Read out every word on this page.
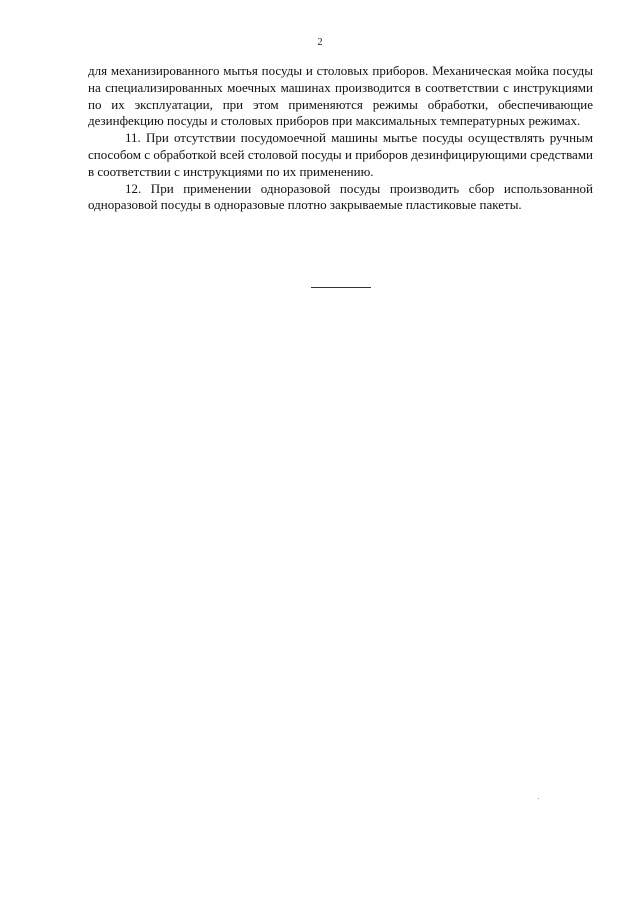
2

для механизированного мытья посуды и столовых приборов. Механическая мойка посуды на специализированных моечных машинах производится в соответствии с инструкциями по их эксплуатации, при этом применяются режимы обработки, обеспечивающие дезинфекцию посуды и столовых приборов при максимальных температурных режимах.

11. При отсутствии посудомоечной машины мытье посуды осуществлять ручным способом с обработкой всей столовой посуды и приборов дезинфицирующими средствами в соответствии с инструкциями по их применению.

12. При применении одноразовой посуды производить сбор использованной одноразовой посуды в одноразовые плотно закрываемые пластиковые пакеты.
